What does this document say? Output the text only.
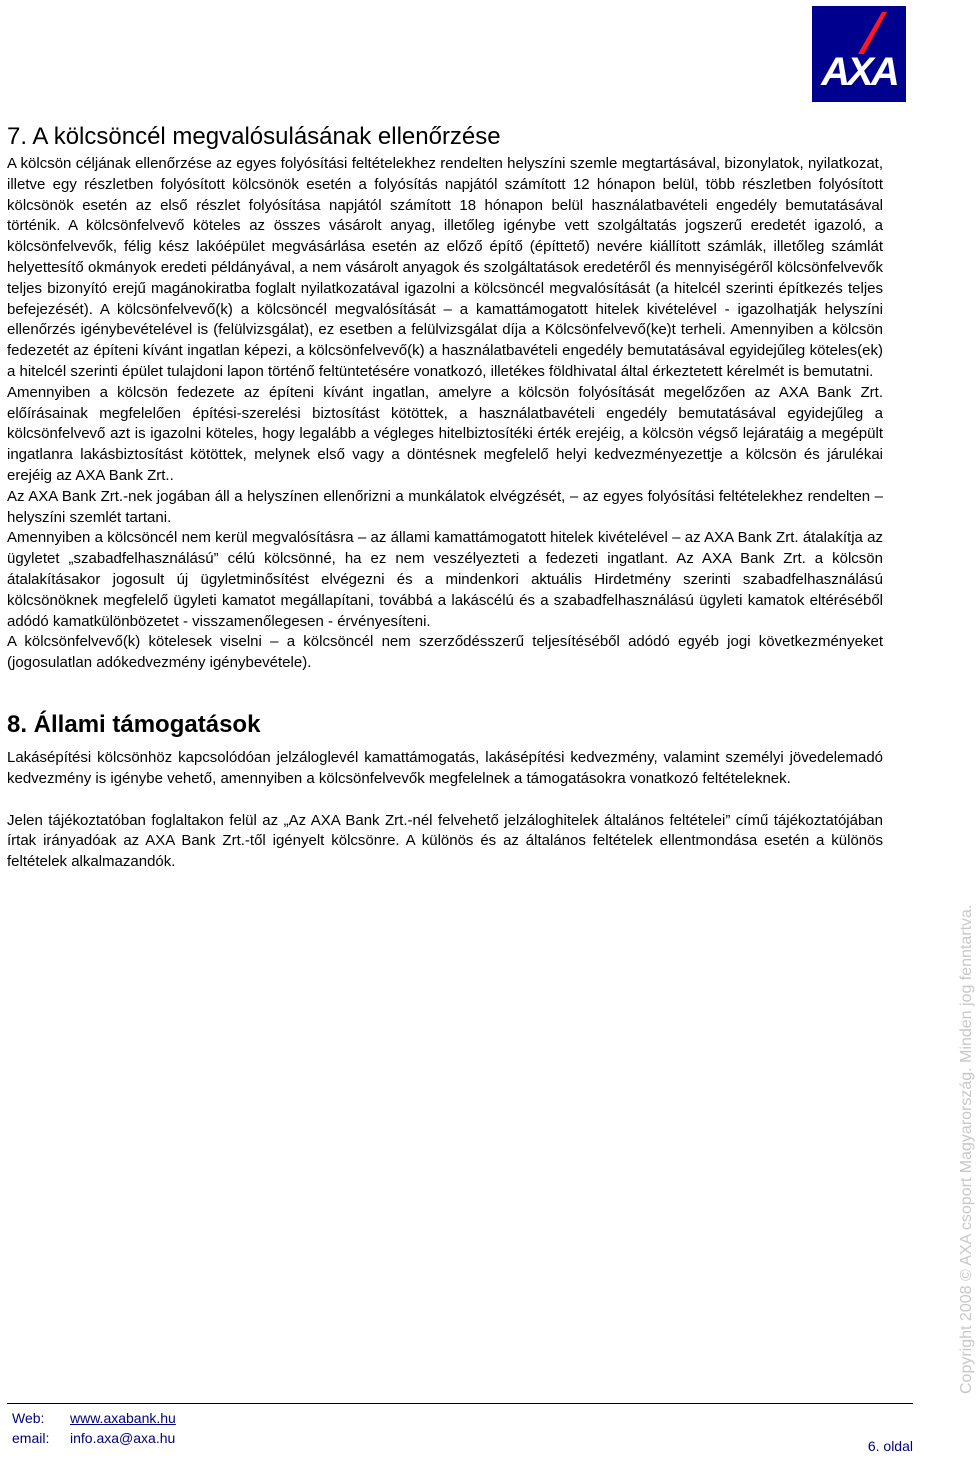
AXA
7. A kölcsöncél megvalósulásának ellenőrzése

A kölcsön céljának ellenőrzése az egyes folyósítási feltételekhez rendelten helyszíni szemle megtartásával, bizonylatok, nyilatkozat, illetve egy részletben folyósított kölcsönök esetén a folyósítás napjától számított 12 hónapon belül, több részletben folyósított kölcsönök esetén az első részlet folyósítása napjától számított 18 hónapon belül használatbavételi engedély bemutatásával történik. A kölcsönfelvevő köteles az összes vásárolt anyag, illetőleg igénybe vett szolgáltatás jogszerű eredetét igazoló, a kölcsönfelvevők, félig kész lakóépület megvásárlása esetén az előző építő (építtető) nevére kiállított számlák, illetőleg számlát helyettesítő okmányok eredeti példányával, a nem vásárolt anyagok és szolgáltatások eredetéről és mennyiségéről kölcsönfelvevők teljes bizonyító erejű magánokiratba foglalt nyilatkozatával igazolni a kölcsöncél megvalósítását (a hitelcél szerinti építkezés teljes befejezését). A kölcsönfelvevő(k) a kölcsöncél megvalósítását – a kamattámogatott hitelek kivételével - igazolhatják helyszíni ellenőrzés igénybevételével is (felülvizsgálat), ez esetben a felülvizsgálat díja a Kölcsönfelvevő(ke)t terheli. Amennyiben a kölcsön fedezetét az építeni kívánt ingatlan képezi, a kölcsönfelvevő(k) a használatbavételi engedély bemutatásával egyidejűleg köteles(ek) a hitelcél szerinti épület tulajdoni lapon történő feltüntetésére vonatkozó, illetékes földhivatal által érkeztetett kérelmét is bemutatni.

Amennyiben a kölcsön fedezete az építeni kívánt ingatlan, amelyre a kölcsön folyósítását megelőzően az AXA Bank Zrt. előírásainak megfelelően építési-szerelési biztosítást kötöttek, a használatbavételi engedély bemutatásával egyidejűleg a kölcsönfelvevő azt is igazolni köteles, hogy legalább a végleges hitelbiztosítéki érték erejéig, a kölcsön végső lejáratáig a megépült ingatlanra lakásbiztosítást kötöttek, melynek első vagy a döntésnek megfelelő helyi kedvezményezettje a kölcsön és járulékai erejéig az AXA Bank Zrt..

Az AXA Bank Zrt.-nek jogában áll a helyszínen ellenőrizni a munkálatok elvégzését, – az egyes folyósítási feltételekhez rendelten – helyszíni szemlét tartani.

Amennyiben a kölcsöncél nem kerül megvalósításra – az állami kamattámogatott hitelek kivételével – az AXA Bank Zrt. átalakítja az ügyletet „szabadfelhasználású” célú kölcsönné, ha ez nem veszélyezteti a fedezeti ingatlant. Az AXA Bank Zrt. a kölcsön átalakításakor jogosult új ügyletminősítést elvégezni és a mindenkori aktuális Hirdetmény szerinti szabadfelhasználású kölcsönöknek megfelelő ügyleti kamatot megállapítani, továbbá a lakáscélú és a szabadfelhasználású ügyleti kamatok eltéréséből adódó kamatkülönbözetet - visszamenőlegesen - érvényesíteni.

A kölcsönfelvevő(k) kötelesek viselni – a kölcsöncél nem szerződésszerű teljesítéséből adódó egyéb jogi következményeket (jogosulatlan adókedvezmény igénybevétele).

8. Állami támogatások

Lakásépítési kölcsönhöz kapcsolódóan jelzáloglevél kamattámogatás, lakásépítési kedvezmény, valamint személyi jövedelemadó kedvezmény is igénybe vehető, amennyiben a kölcsönfelvevők megfelelnek a támogatásokra vonatkozó feltételeknek.

Jelen tájékoztatóban foglaltakon felül az „Az AXA Bank Zrt.-nél felvehető jelzáloghitelek általános feltételei” című tájékoztatójában írtak irányadóak az AXA Bank Zrt.-től igényelt kölcsönre. A különös és az általános feltételek ellentmondása esetén a különös feltételek alkalmazandók.

Copyright 2008 © AXA csoport Magyarország. Minden jog fenntartva.
Web:	www.axabank.hu
email:	info.axa@axa.hu	6. oldal
